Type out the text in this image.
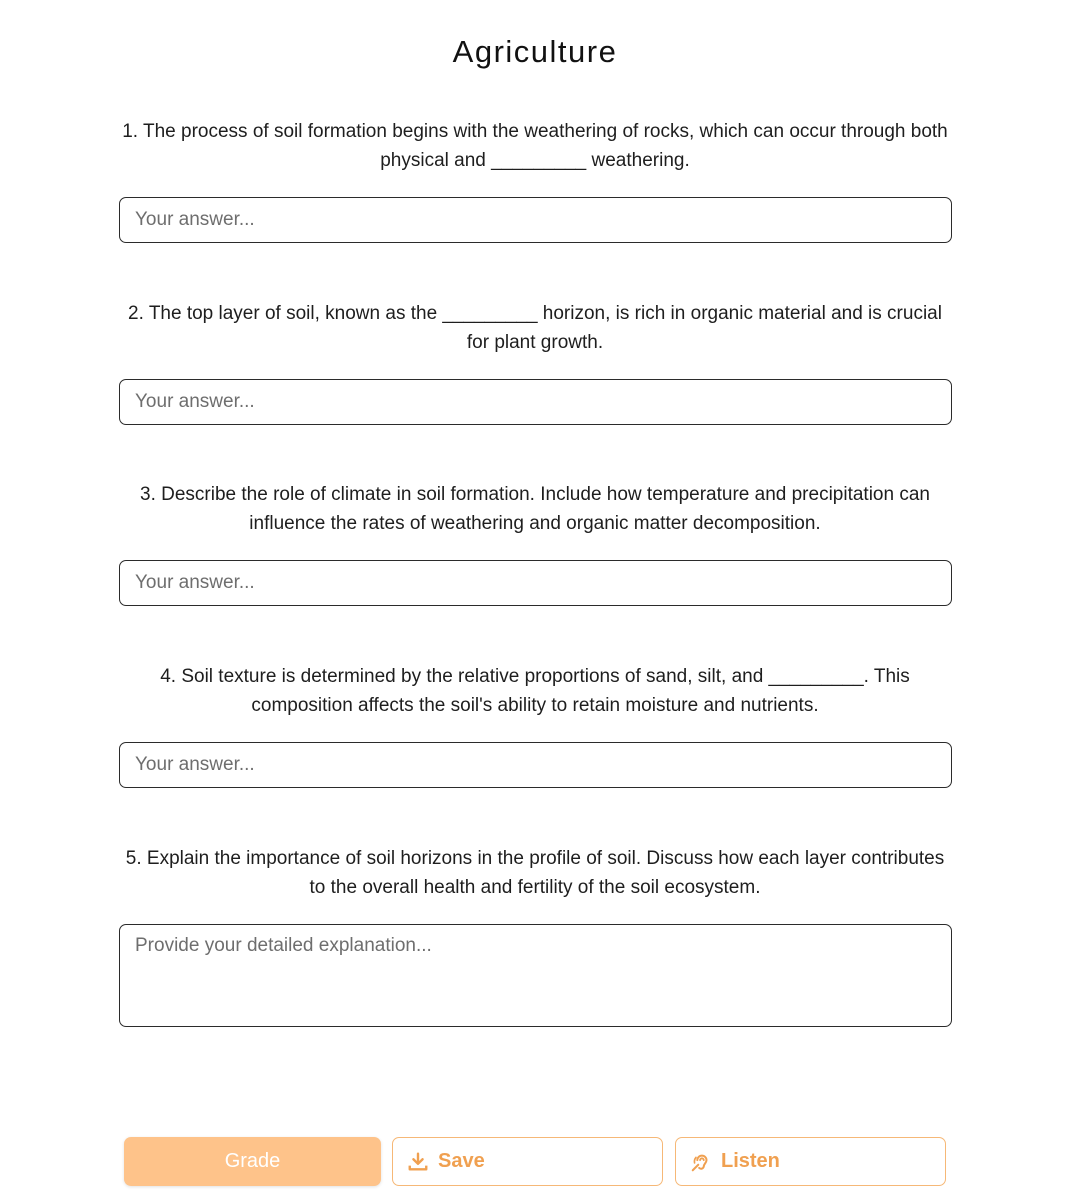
Agriculture

1. The process of soil formation begins with the weathering of rocks, which can occur through both physical and _________ weathering.

Your answer...

2. The top layer of soil, known as the _________ horizon, is rich in organic material and is crucial for plant growth.

Your answer...

3. Describe the role of climate in soil formation. Include how temperature and precipitation can influence the rates of weathering and organic matter decomposition.

Your answer...

4. Soil texture is determined by the relative proportions of sand, silt, and _________. This composition affects the soil's ability to retain moisture and nutrients.

Your answer...

5. Explain the importance of soil horizons in the profile of soil. Discuss how each layer contributes to the overall health and fertility of the soil ecosystem.

Provide your detailed explanation...
Grade	Save	Listen
